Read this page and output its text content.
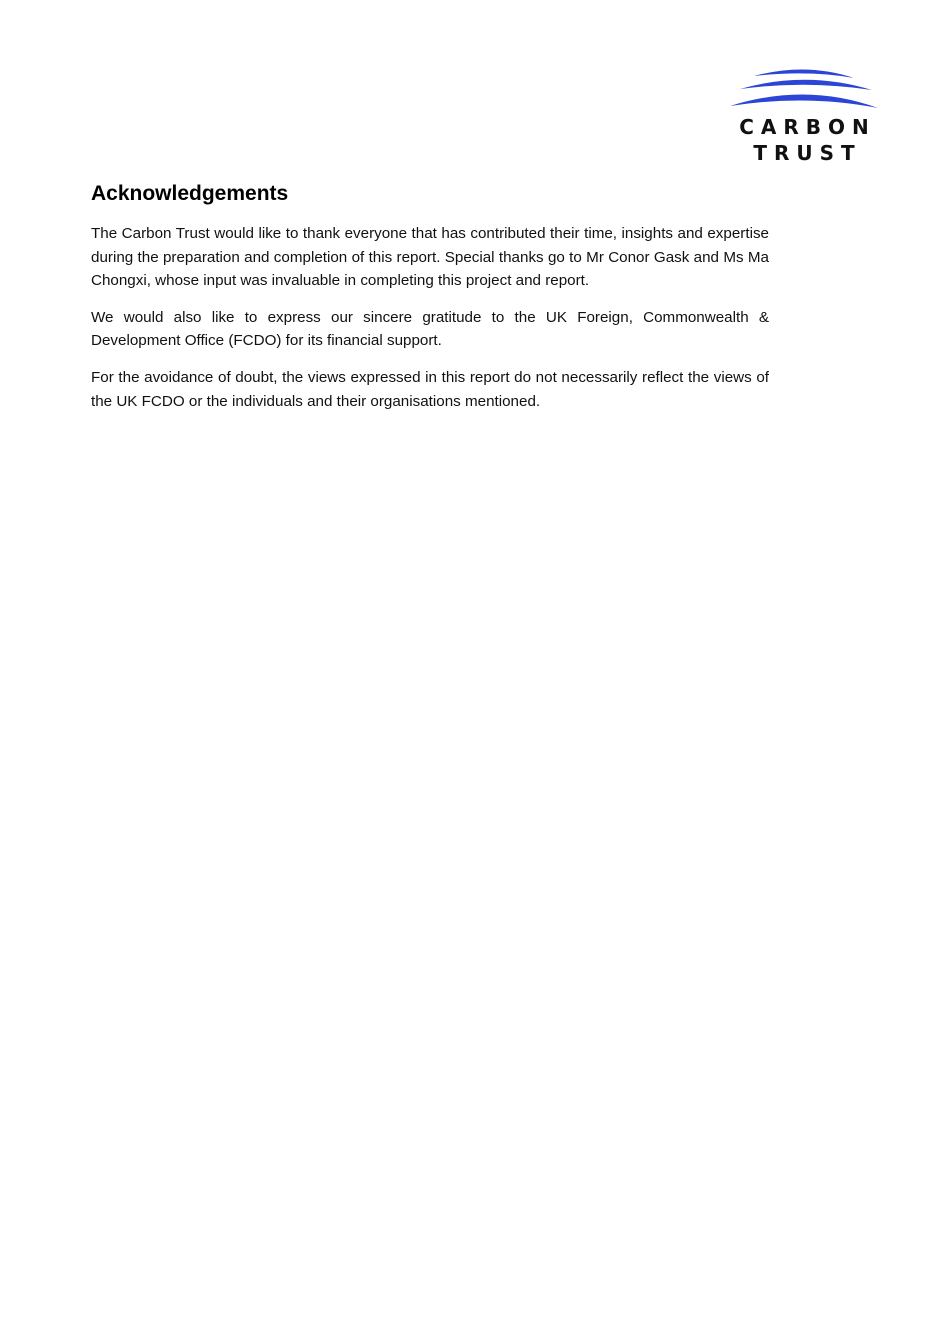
CARBON
TRUST
Acknowledgements

The Carbon Trust would like to thank everyone that has contributed their time, insights and expertise during the preparation and completion of this report. Special thanks go to Mr Conor Gask and Ms Ma Chongxi, whose input was invaluable in completing this project and report.

We would also like to express our sincere gratitude to the UK Foreign, Commonwealth & Development Office (FCDO) for its financial support.

For the avoidance of doubt, the views expressed in this report do not necessarily reflect the views of the UK FCDO or the individuals and their organisations mentioned.
